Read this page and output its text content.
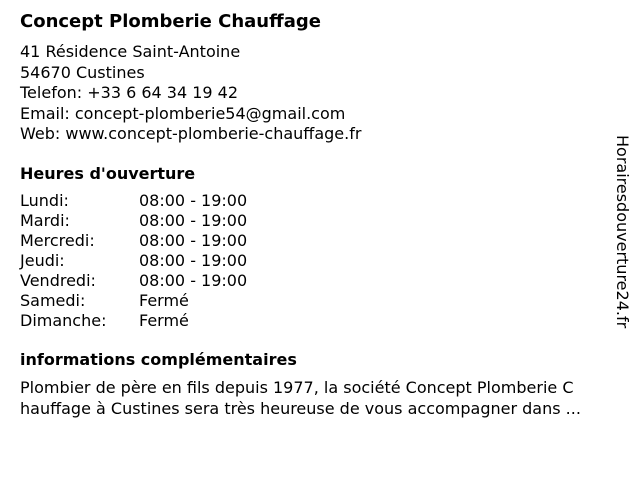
Concept Plomberie Chauffage
41 Résidence Saint-Antoine
54670 Custines
Telefon: +33 6 64 34 19 42
Email: concept-plomberie54@gmail.com
Web: www.concept-plomberie-chauffage.fr
Heures d'ouverture
Lundi:	08:00 - 19:00
Mardi:	08:00 - 19:00
Mercredi:	08:00 - 19:00
Jeudi:	08:00 - 19:00
Vendredi:	08:00 - 19:00
Samedi:	Fermé
Dimanche:	Fermé
informations complémentaires
Plombier de père en fils depuis 1977, la société Concept Plomberie C
hauffage à Custines sera très heureuse de vous accompagner dans ...
Horairesdouverture24.fr
